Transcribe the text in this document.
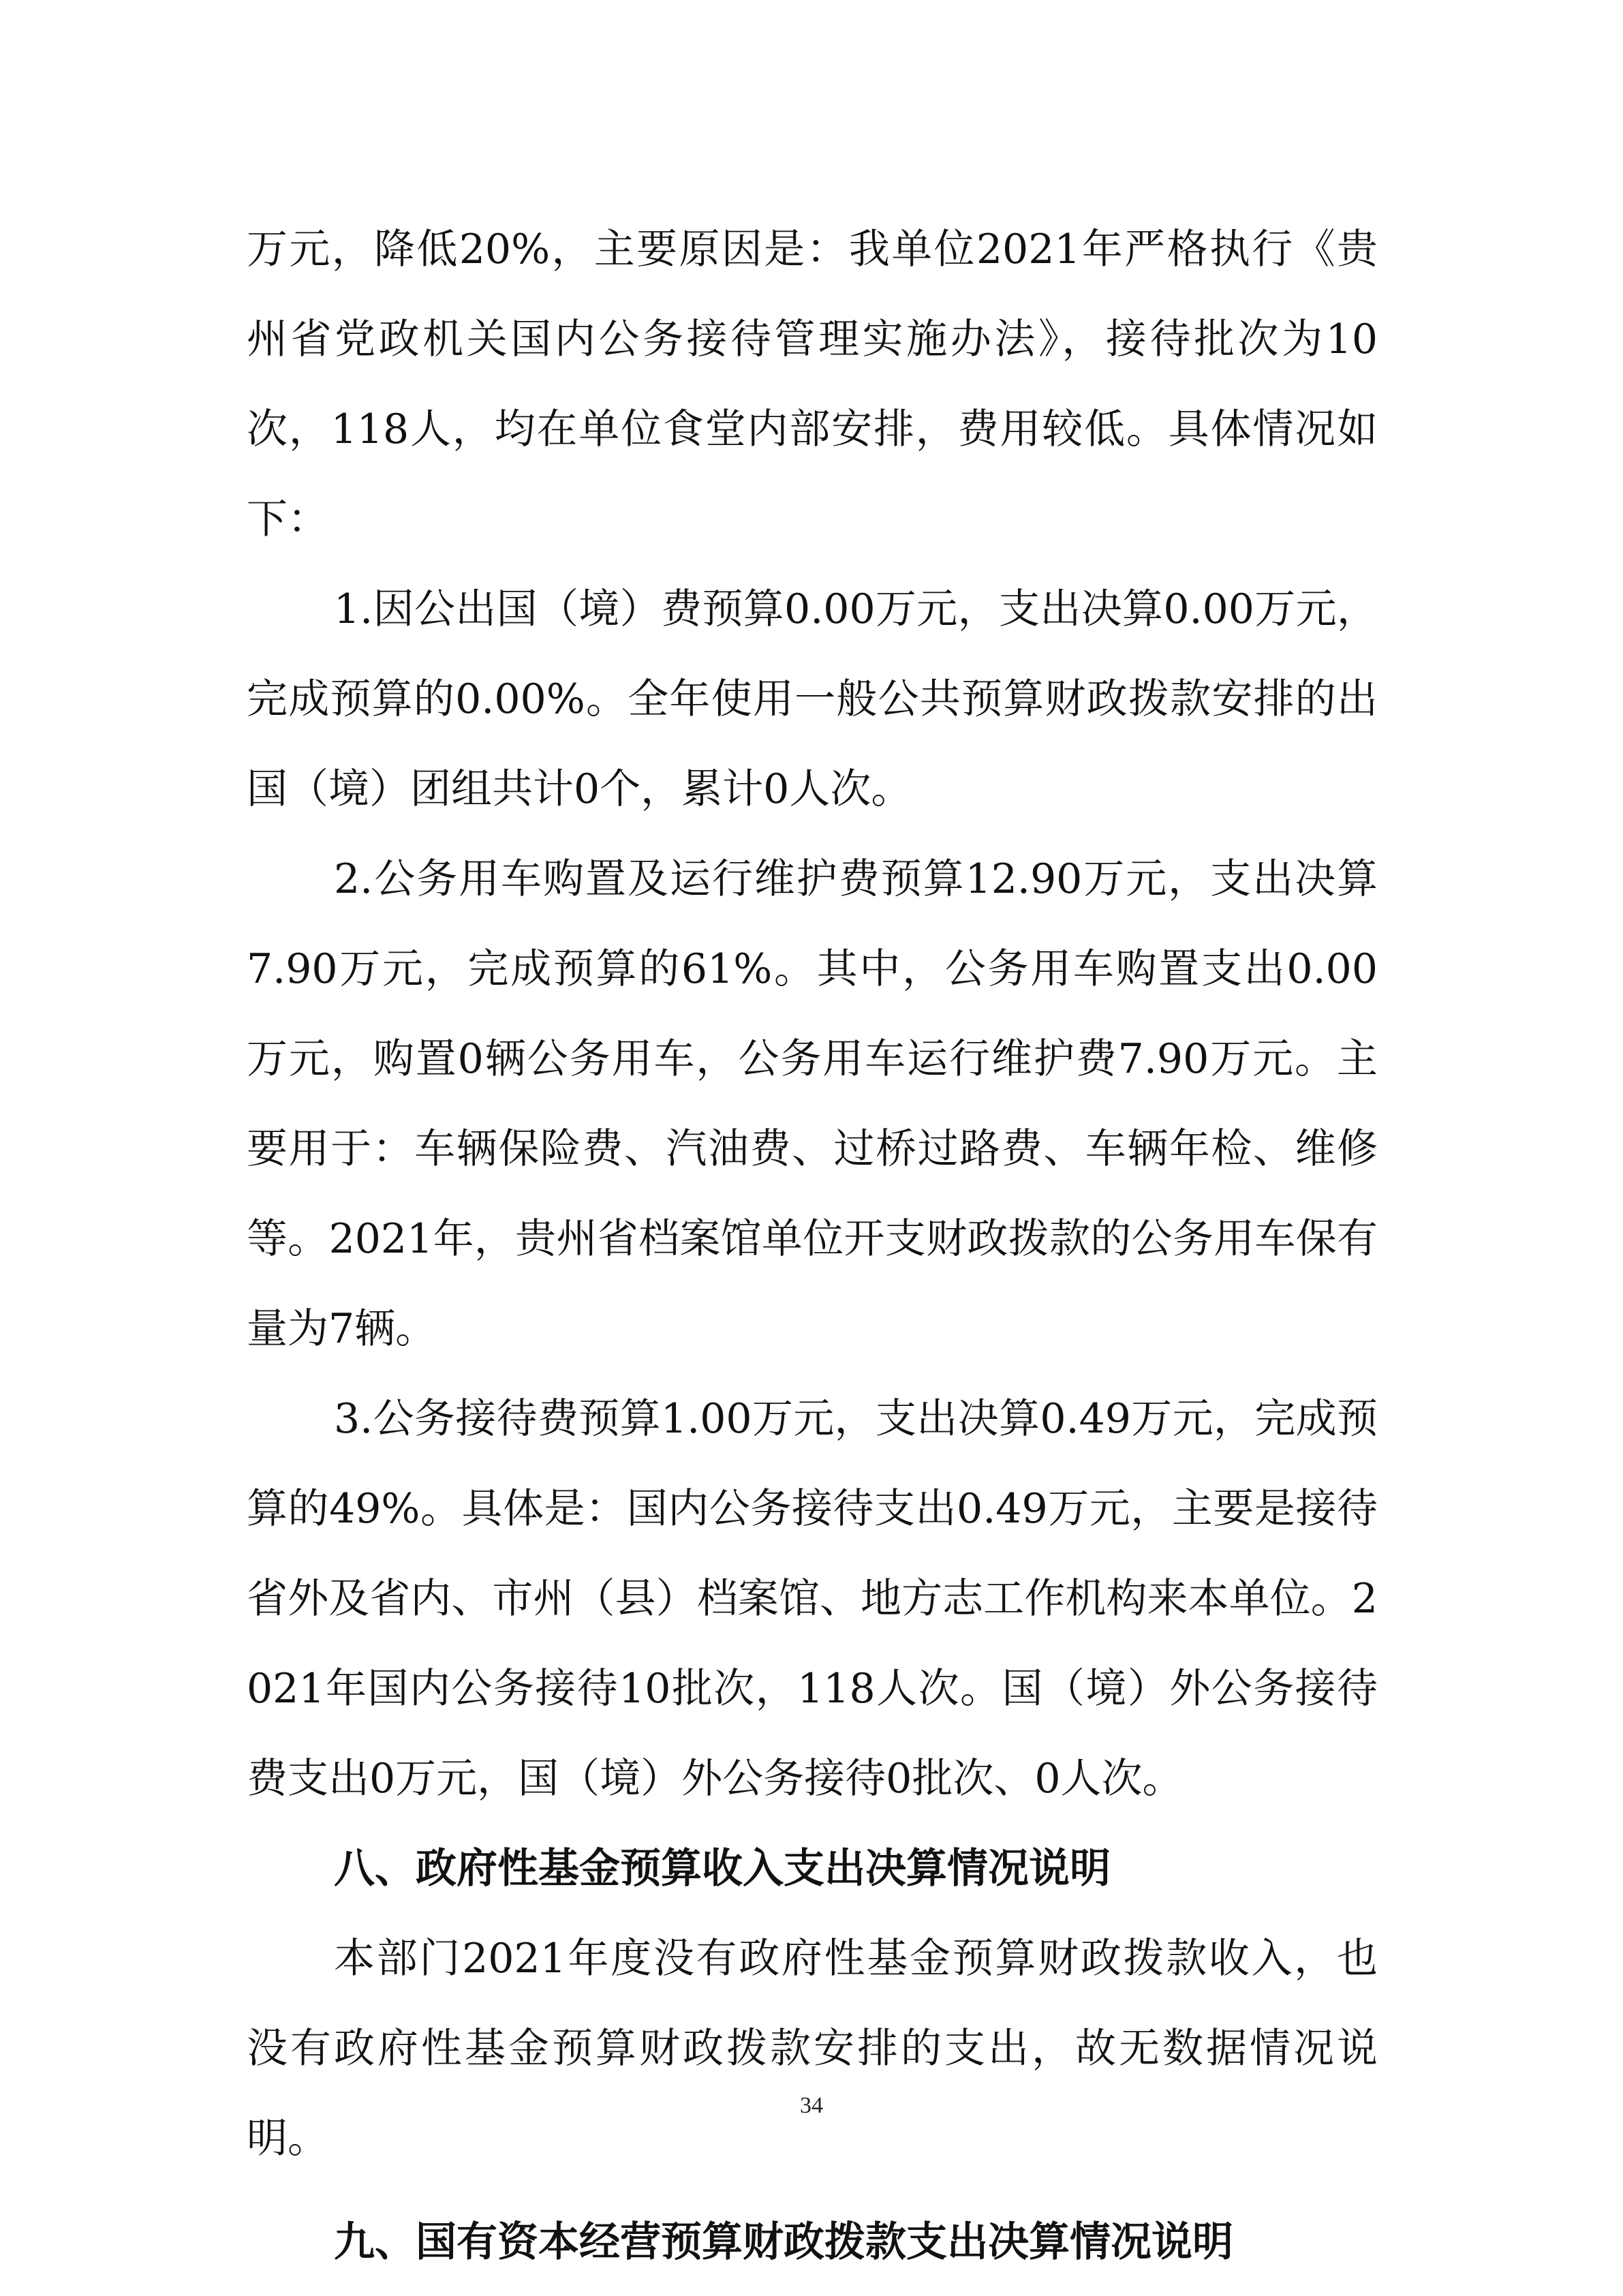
万元，降低20%，主要原因是：我单位2021年严格执行《贵州省党政机关国内公务接待管理实施办法》，接待批次为10次，118人，均在单位食堂内部安排，费用较低。具体情况如下：

1.因公出国（境）费预算0.00万元，支出决算0.00万元，完成预算的0.00%。全年使用一般公共预算财政拨款安排的出国（境）团组共计0个，累计0人次。

2.公务用车购置及运行维护费预算12.90万元，支出决算7.90万元，完成预算的61%。其中，公务用车购置支出0.00万元，购置0辆公务用车，公务用车运行维护费7.90万元。主要用于：车辆保险费、汽油费、过桥过路费、车辆年检、维修等。2021年，贵州省档案馆单位开支财政拨款的公务用车保有量为7辆。

3.公务接待费预算1.00万元，支出决算0.49万元，完成预算的49%。具体是：国内公务接待支出0.49万元，主要是接待省外及省内、市州（县）档案馆、地方志工作机构来本单位。2021年国内公务接待10批次，118人次。国（境）外公务接待费支出0万元，国（境）外公务接待0批次、0人次。

八、政府性基金预算收入支出决算情况说明

本部门2021年度没有政府性基金预算财政拨款收入，也没有政府性基金预算财政拨款安排的支出，故无数据情况说明。

九、国有资本经营预算财政拨款支出决算情况说明
34
